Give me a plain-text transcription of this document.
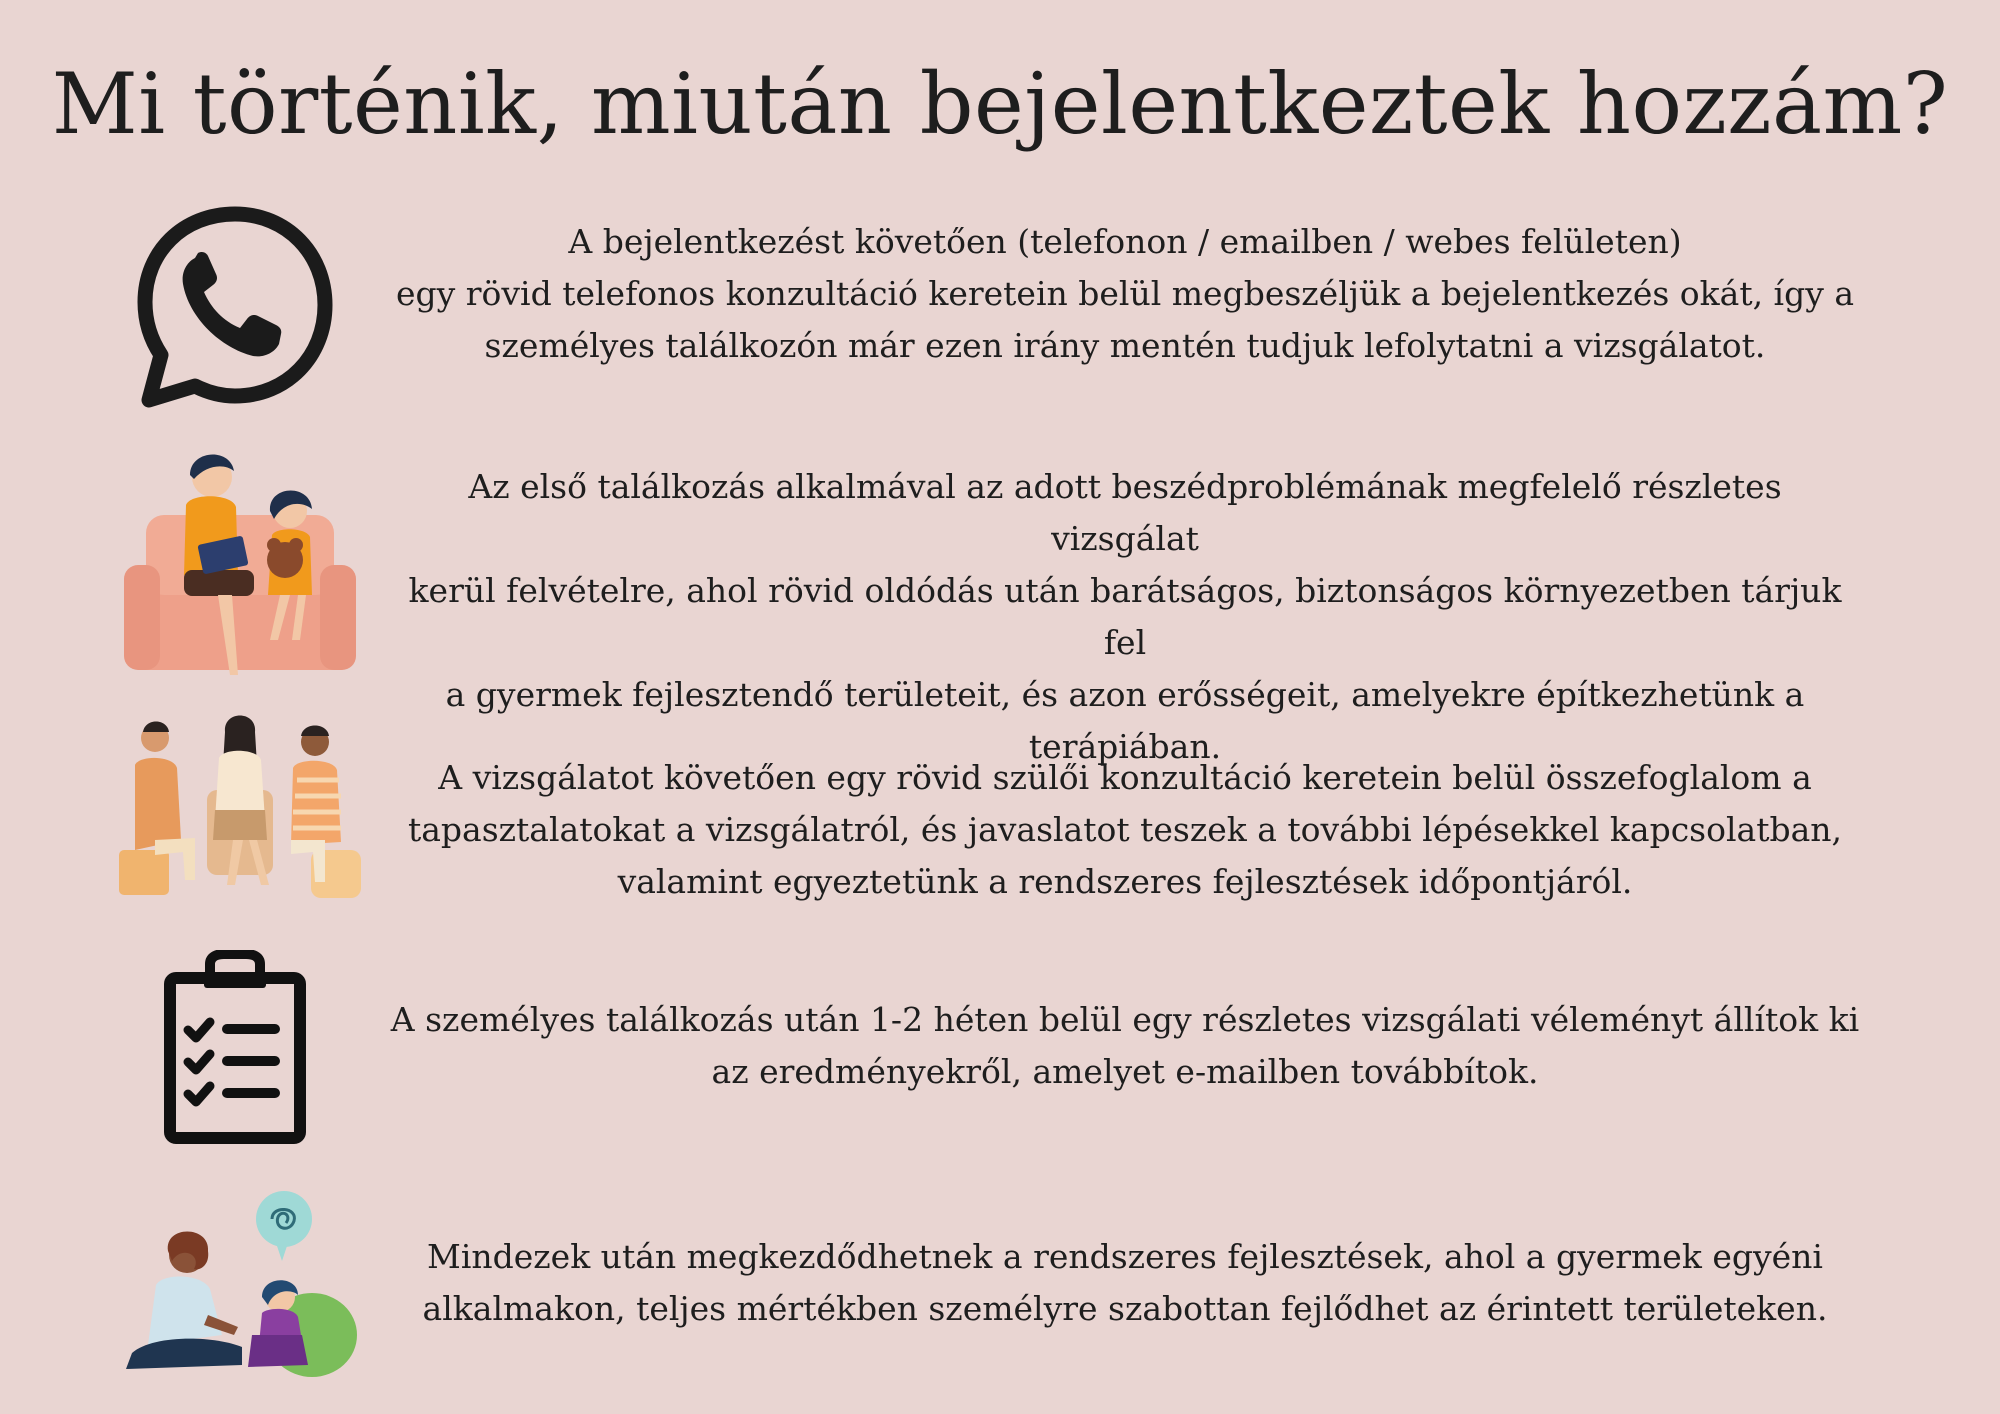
Mi történik, miután bejelentkeztek hozzám?

A bejelentkezést követően (telefonon / emailben / webes felületen)
egy rövid telefonos konzultáció keretein belül megbeszéljük a bejelentkezés okát, így a
személyes találkozón már ezen irány mentén tudjuk lefolytatni a vizsgálatot.

Az első találkozás alkalmával az adott beszédproblémának megfelelő részletes vizsgálat
kerül felvételre, ahol rövid oldódás után barátságos, biztonságos környezetben tárjuk fel
a gyermek fejlesztendő területeit, és azon erősségeit, amelyekre építkezhetünk a
terápiában.

A vizsgálatot követően egy rövid szülői konzultáció keretein belül összefoglalom a
tapasztalatokat a vizsgálatról, és javaslatot teszek a további lépésekkel kapcsolatban,
valamint egyeztetünk a rendszeres fejlesztések időpontjáról.

A személyes találkozás után 1-2 héten belül egy részletes vizsgálati véleményt állítok ki
az eredményekről, amelyet e-mailben továbbítok.

Mindezek után megkezdődhetnek a rendszeres fejlesztések, ahol a gyermek egyéni
alkalmakon, teljes mértékben személyre szabottan fejlődhet az érintett területeken.
